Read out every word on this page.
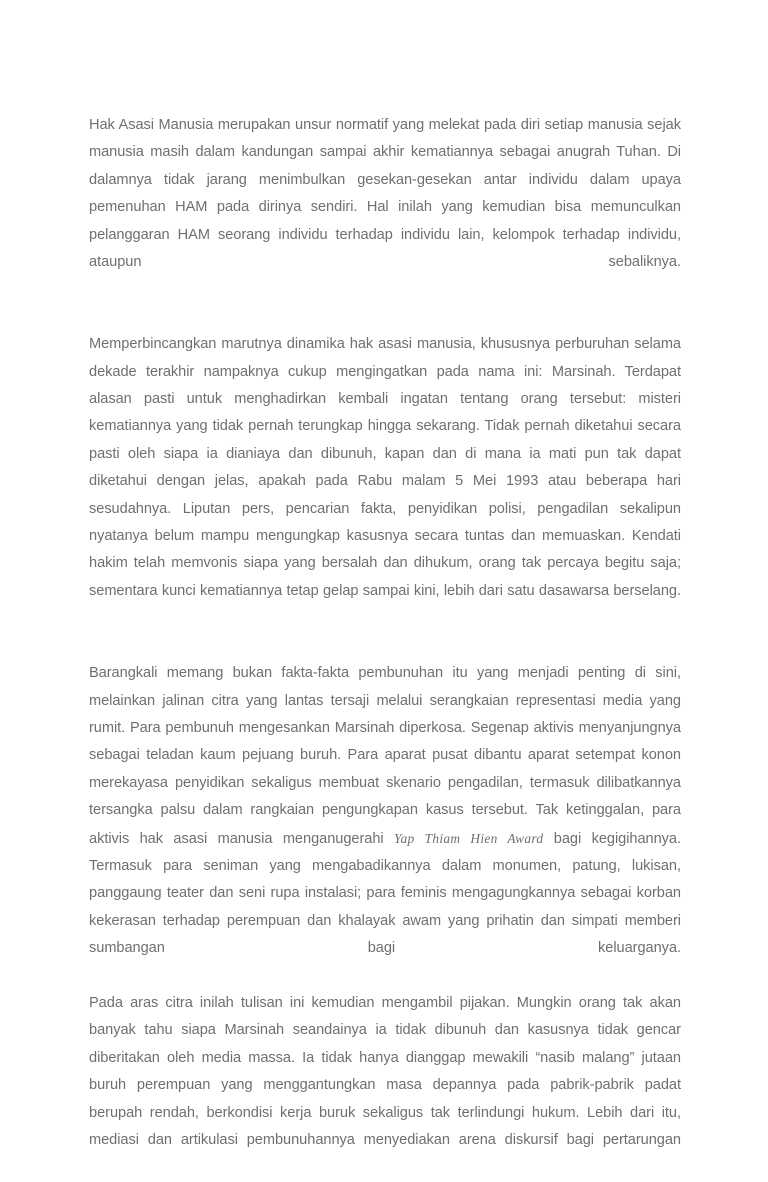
Hak Asasi Manusia merupakan unsur normatif yang melekat pada diri setiap manusia sejak manusia masih dalam kandungan sampai akhir kematiannya sebagai anugrah Tuhan. Di dalamnya tidak jarang menimbulkan gesekan-gesekan antar individu dalam upaya pemenuhan HAM pada dirinya sendiri. Hal inilah yang kemudian bisa memunculkan pelanggaran HAM seorang individu terhadap individu lain, kelompok terhadap individu, ataupun sebaliknya.

Memperbincangkan marutnya dinamika hak asasi manusia, khususnya perburuhan selama dekade terakhir nampaknya cukup mengingatkan pada nama ini: Marsinah. Terdapat alasan pasti untuk menghadirkan kembali ingatan tentang orang tersebut: misteri kematiannya yang tidak pernah terungkap hingga sekarang. Tidak pernah diketahui secara pasti oleh siapa ia dianiaya dan dibunuh, kapan dan di mana ia mati pun tak dapat diketahui dengan jelas, apakah pada Rabu malam 5 Mei 1993 atau beberapa hari sesudahnya. Liputan pers, pencarian fakta, penyidikan polisi, pengadilan sekalipun nyatanya belum mampu mengungkap kasusnya secara tuntas dan memuaskan. Kendati hakim telah memvonis siapa yang bersalah dan dihukum, orang tak percaya begitu saja; sementara kunci kematiannya tetap gelap sampai kini, lebih dari satu dasawarsa berselang.

Barangkali memang bukan fakta-fakta pembunuhan itu yang menjadi penting di sini, melainkan jalinan citra yang lantas tersaji melalui serangkaian representasi media yang rumit. Para pembunuh mengesankan Marsinah diperkosa. Segenap aktivis menyanjungnya sebagai teladan kaum pejuang buruh. Para aparat pusat dibantu aparat setempat konon merekayasa penyidikan sekaligus membuat skenario pengadilan, termasuk dilibatkannya tersangka palsu dalam rangkaian pengungkapan kasus tersebut. Tak ketinggalan, para aktivis hak asasi manusia menganugerahi Yap Thiam Hien Award bagi kegigihannya. Termasuk para seniman yang mengabadikannya dalam monumen, patung, lukisan, panggaung teater dan seni rupa instalasi; para feminis mengagungkannya sebagai korban kekerasan terhadap perempuan dan khalayak awam yang prihatin dan simpati memberi sumbangan bagi keluarganya.

Pada aras citra inilah tulisan ini kemudian mengambil pijakan. Mungkin orang tak akan banyak tahu siapa Marsinah seandainya ia tidak dibunuh dan kasusnya tidak gencar diberitakan oleh media massa. Ia tidak hanya dianggap mewakili “nasib malang” jutaan buruh perempuan yang menggantungkan masa depannya pada pabrik-pabrik padat berupah rendah, berkondisi kerja buruk sekaligus tak terlindungi hukum. Lebih dari itu, mediasi dan artikulasi pembunuhannya menyediakan arena diskursif bagi pertarungan
